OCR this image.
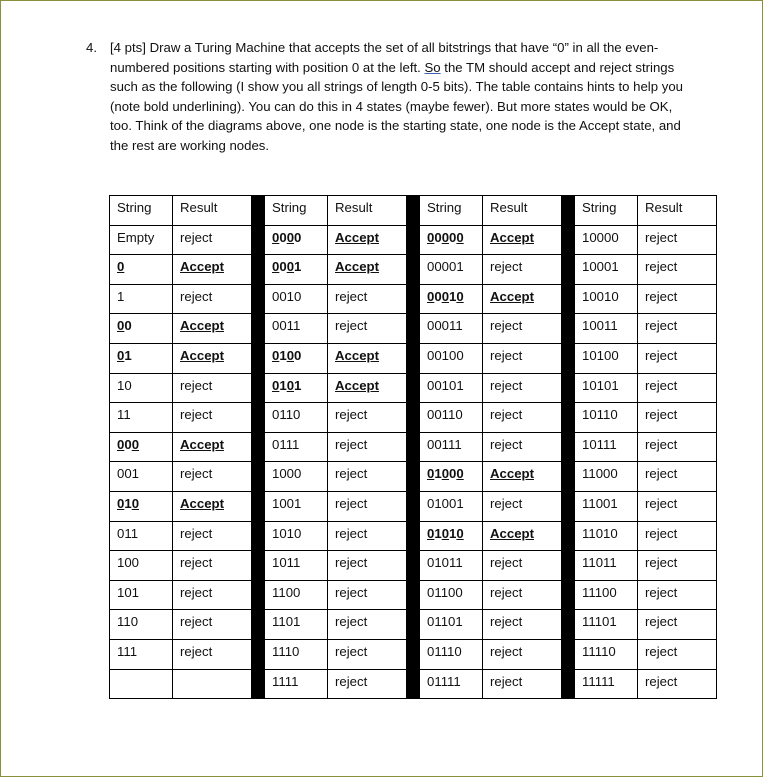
4. [4 pts] Draw a Turing Machine that accepts the set of all bitstrings that have “0” in all the even-numbered positions starting with position 0 at the left. So the TM should accept and reject strings such as the following (I show you all strings of length 0-5 bits). The table contains hints to help you (note bold underlining). You can do this in 4 states (maybe fewer). But more states would be OK, too. Think of the diagrams above, one node is the starting state, one node is the Accept state, and the rest are working nodes.
String	Result		String	Result		String	Result		String	Result
Empty	reject		0000	Accept		00000	Accept		10000	reject
0	Accept		0001	Accept		00001	reject		10001	reject
1	reject		0010	reject		00010	Accept		10010	reject
00	Accept		0011	reject		00011	reject		10011	reject
01	Accept		0100	Accept		00100	reject		10100	reject
10	reject		0101	Accept		00101	reject		10101	reject
11	reject		0110	reject		00110	reject		10110	reject
000	Accept		0111	reject		00111	reject		10111	reject
001	reject		1000	reject		01000	Accept		11000	reject
010	Accept		1001	reject		01001	reject		11001	reject
011	reject		1010	reject		01010	Accept		11010	reject
100	reject		1011	reject		01011	reject		11011	reject
101	reject		1100	reject		01100	reject		11100	reject
110	reject		1101	reject		01101	reject		11101	reject
111	reject		1110	reject		01110	reject		11110	reject
			1111	reject		01111	reject		11111	reject
